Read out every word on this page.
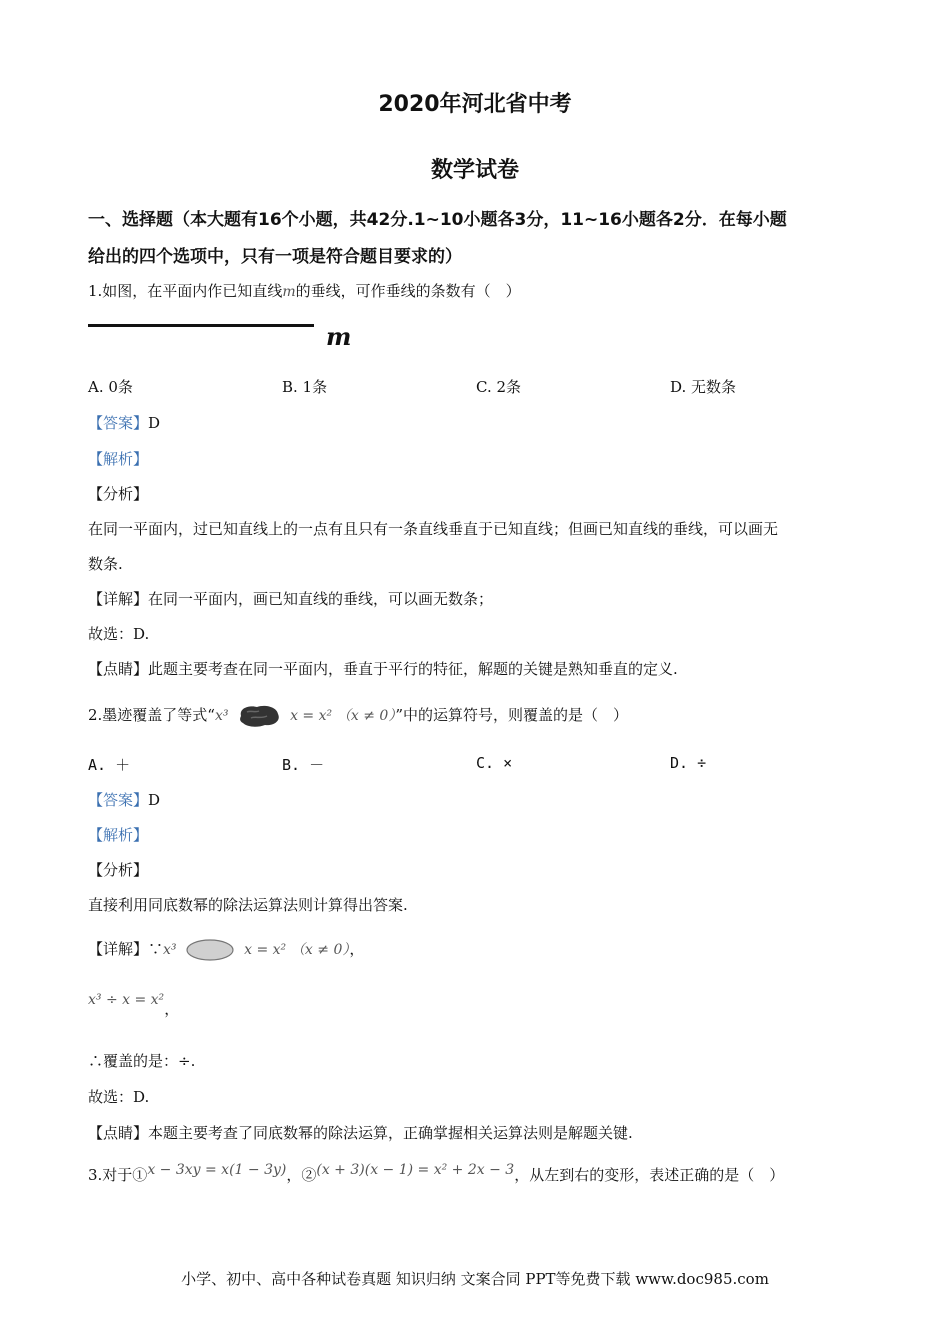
2020年河北省中考
数学试卷
一、选择题（本大题有16个小题，共42分.1~10小题各3分，11~16小题各2分．在每小题
给出的四个选项中，只有一项是符合题目要求的）
1.如图，在平面内作已知直线m的垂线，可作垂线的条数有（　）
m
A. 0条	B. 1条	C. 2条	D. 无数条
【答案】D
【解析】
【分析】
在同一平面内，过已知直线上的一点有且只有一条直线垂直于已知直线；但画已知直线的垂线，可以画无
数条.
【详解】在同一平面内，画已知直线的垂线，可以画无数条；
故选：D.
【点睛】此题主要考查在同一平面内，垂直于平行的特征，解题的关键是熟知垂直的定义.
2.墨迹覆盖了等式“x³	x = x² （x ≠ 0）”中的运算符号，则覆盖的是（　）
A. ＋	B. －	C. ×	D. ÷
【答案】D
【解析】
【分析】
直接利用同底数幂的除法运算法则计算得出答案.
【详解】∵x³	x = x² （x ≠ 0），
x³ ÷ x = x²，
∴覆盖的是：÷.
故选：D.
【点睛】本题主要考查了同底数幂的除法运算，正确掌握相关运算法则是解题关键.
3.对于①x − 3xy = x(1 − 3y)，②(x + 3)(x − 1) = x² + 2x − 3，从左到右的变形，表述正确的是（　）
小学、初中、高中各种试卷真题 知识归纳 文案合同 PPT等免费下载 www.doc985.com
